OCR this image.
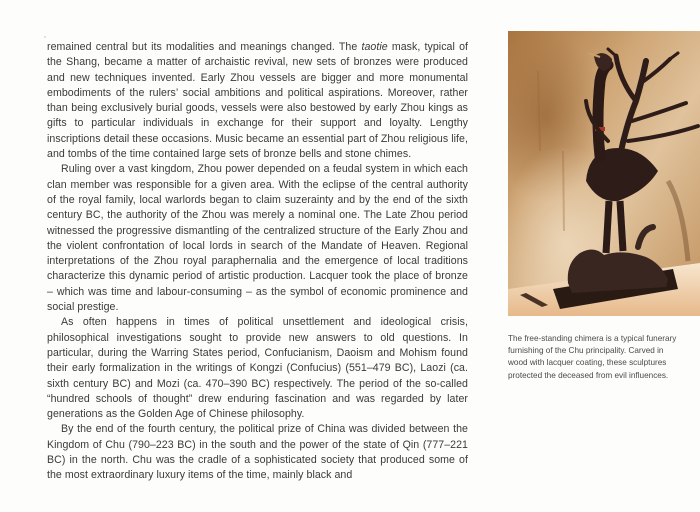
remained central but its modalities and meanings changed. The taotie mask, typical of the Shang, became a matter of archaistic revival, new sets of bronzes were produced and new techniques invented. Early Zhou vessels are bigger and more monumental embodiments of the rulers’ social ambitions and political aspirations. Moreover, rather than being exclusively burial goods, vessels were also bestowed by early Zhou kings as gifts to particular individuals in exchange for their support and loyalty. Lengthy inscriptions detail these occasions. Music became an essential part of Zhou religious life, and tombs of the time contained large sets of bronze bells and stone chimes.

Ruling over a vast kingdom, Zhou power depended on a feudal system in which each clan member was responsible for a given area. With the eclipse of the central authority of the royal family, local warlords began to claim suzerainty and by the end of the sixth century BC, the authority of the Zhou was merely a nominal one. The Late Zhou period witnessed the progressive dismantling of the centralized structure of the Early Zhou and the violent confrontation of local lords in search of the Mandate of Heaven. Regional interpretations of the Zhou royal paraphernalia and the emergence of local traditions characterize this dynamic period of artistic production. Lacquer took the place of bronze – which was time and labour-consuming – as the symbol of economic prominence and social prestige.

As often happens in times of political unsettlement and ideological crisis, philosophical investigations sought to provide new answers to old questions. In particular, during the Warring States period, Confucianism, Daoism and Mohism found their early formalization in the writings of Kongzi (Confucius) (551–479 BC), Laozi (ca. sixth century BC) and Mozi (ca. 470–390 BC) respectively. The period of the so-called “hundred schools of thought” drew enduring fascination and was regarded by later generations as the Golden Age of Chinese philosophy.

By the end of the fourth century, the political prize of China was divided between the Kingdom of Chu (790–223 BC) in the south and the power of the state of Qin (777–221 BC) in the north. Chu was the cradle of a sophisticated society that produced some of the most extraordinary luxury items of the time, mainly black and

The free-standing chimera is a typical funerary furnishing of the Chu principality. Carved in wood with lacquer coating, these sculptures protected the deceased from evil influences.
